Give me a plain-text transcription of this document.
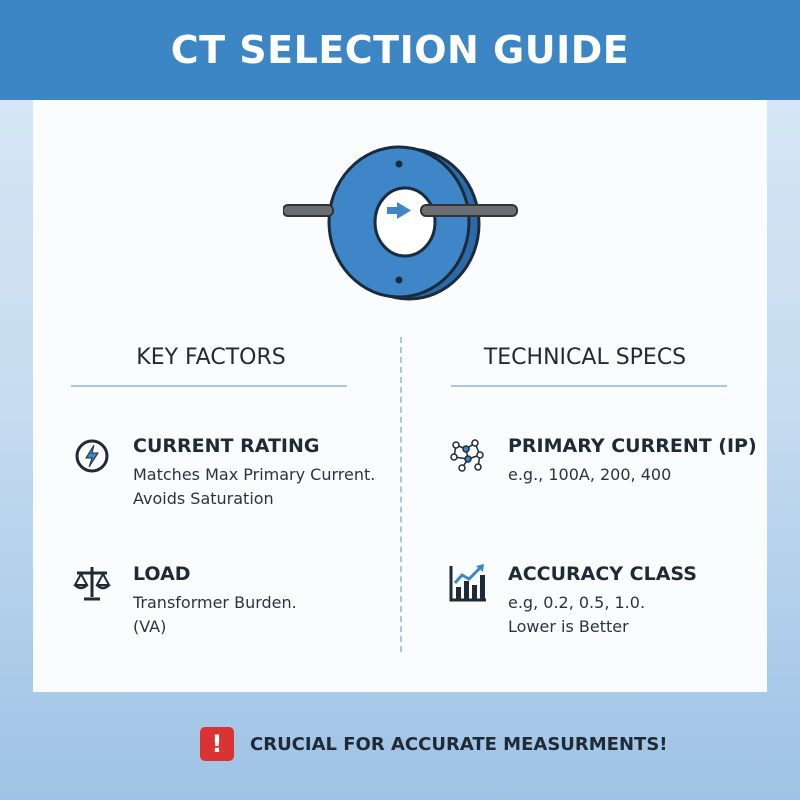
CT SELECTION GUIDE
KEY FACTORS	TECHNICAL SPECS
CURRENT RATING
Matches Max Primary Current.
Avoids Saturation
LOAD
Transformer Burden.
(VA)
PRIMARY CURRENT (IP)
e.g., 100A, 200, 400
ACCURACY CLASS
e.g, 0.2, 0.5, 1.0.
Lower is Better
!	CRUCIAL FOR ACCURATE MEASURMENTS!
